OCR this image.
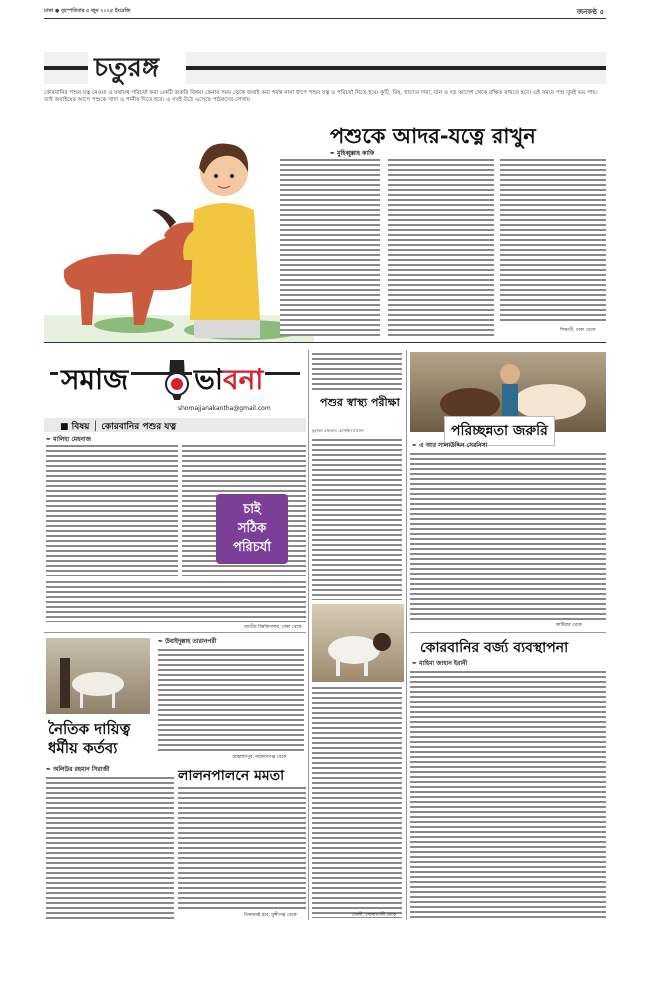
ঢাকা ● বৃহস্পতিবার ৫ জুন ২০২৫ ইংরেজি	জনকণ্ঠ ৫
চতুরঙ্গ
কোরবানির পশুর যত্ন নেওয়া ও যথাযথ পরিচর্যা করা একটি জরুরি বিষয়। কেনার সময় থেকে জবাই করা পর্যন্ত নানা ধাপে পশুর যত্ন ও পরিচর্যা নিতে হবে। কুটি, বিষ, খাদ্যের দায়া, যান ও দড় আদেশ থেকে রক্ষিত রাখতে হবে। এই সময়ে পশু খুবই ভয় পায়। তাই জবাইয়ের আগে পশুকে খাদ্য ও পানীয় দিতে হবে। এ সবই উঠে এসেছে পাঠকদের লেখায়
পশুকে আদর-যত্নে রাখুন
✒ মুহিব্বুল্লাহ কাফি
শিক্ষার্থী, ঢাকা থেকে
সমাজ ভাবনা
shomajjanakantha@gmail.com
■ বিষয় │ কোরবানির পশুর যত্ন
✒ মালিহা মেহনাজ
চাই
সঠিক
পরিচর্যা
পশুর স্বাস্থ্য পরীক্ষা
মুহাম্মদ মাহতাব হোসাইন মাজেদ	পরিচ্ছন্নতা জরুরি
✒ এ আর সালাউদ্দিন সেরনিসা
কাটিয়ার থেকে
কোরবানির বর্জ্য ব্যবস্থাপনা
✒ মাহিমা জাহান ইরানী
জাতীয় বিশ্ববিদ্যালয়, ঢাকা থেকে
✒ উবাইদুল্লাহ তারানপরী
নৈতিক দায়িত্ব ধর্মীয় কর্তব্য
মোহাম্মদপুর, নারায়ণগঞ্জ থেকে
✒ অলিউর রহমান সিরাজী	লালনপালনে মমতা
তিনজনই হবে, মুন্সীগঞ্জ থেকে	জেলী, সোনাগাজী থেকে
